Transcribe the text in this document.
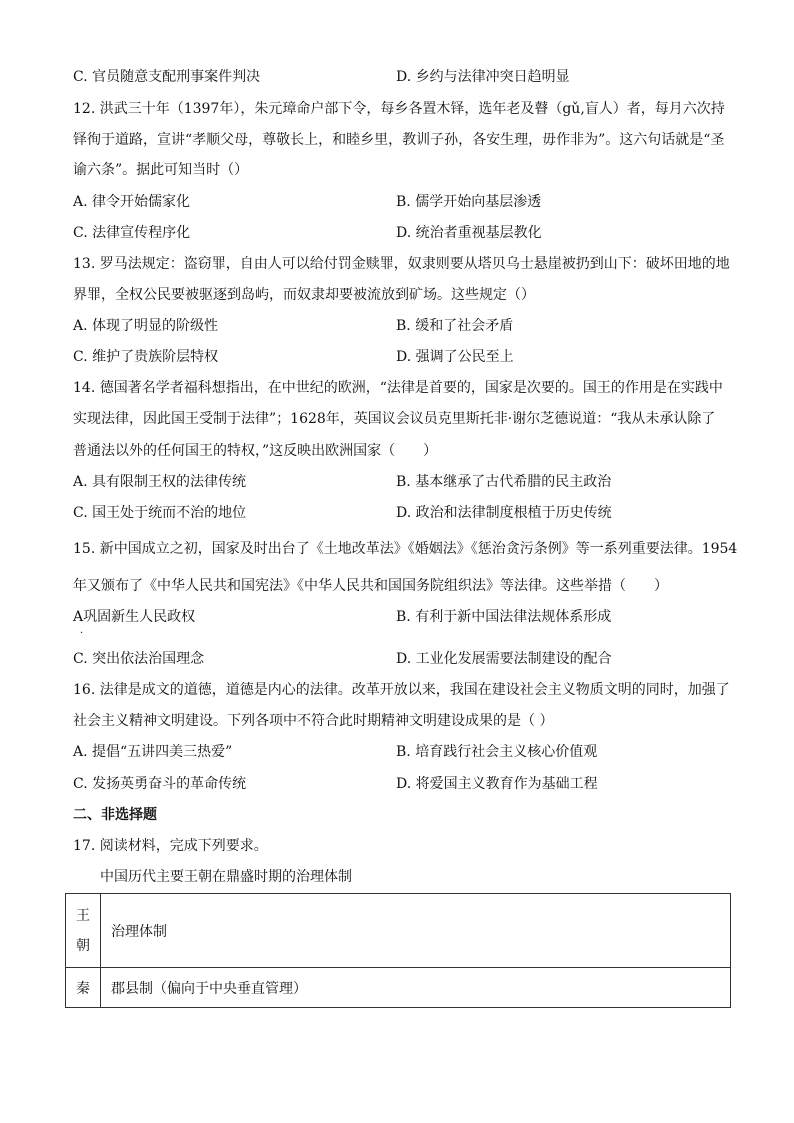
C. 官员随意支配刑事案件判决	D. 乡约与法律冲突日趋明显
12. 洪武三十年（1397年），朱元璋命户部下令，每乡各置木铎，选年老及瞽（gǔ,盲人）者，每月六次持
铎徇于道路，宣讲“孝顺父母，尊敬长上，和睦乡里，教训子孙，各安生理，毋作非为”。这六句话就是“圣
谕六条”。据此可知当时（）
A. 律令开始儒家化	B. 儒学开始向基层渗透
C. 法律宣传程序化	D. 统治者重视基层教化
13. 罗马法规定：盗窃罪，自由人可以给付罚金赎罪，奴隶则要从塔贝乌士悬崖被扔到山下：破坏田地的地
界罪，全权公民要被驱逐到岛屿，而奴隶却要被流放到矿场。这些规定（）
A. 体现了明显的阶级性	B. 缓和了社会矛盾
C. 维护了贵族阶层特权	D. 强调了公民至上
14. 德国著名学者福科想指出，在中世纪的欧洲，“法律是首要的，国家是次要的。国王的作用是在实践中
实现法律，因此国王受制于法律”；1628年，英国议会议员克里斯托非·谢尔芝德说道：“我从未承认除了
普通法以外的任何国王的特权，”这反映出欧洲国家（　　）
A. 具有限制王权的法律传统	B. 基本继承了古代希腊的民主政治
C. 国王处于统而不治的地位	D. 政治和法律制度根植于历史传统
15. 新中国成立之初，国家及时出台了《土地改革法》《婚姻法》《惩治贪污条例》等一系列重要法律。1954
年又颁布了《中华人民共和国宪法》《中华人民共和国国务院组织法》等法律。这些举措（　　）
A巩固新生人民政权	B. 有利于新中国法律法规体系形成
·
C. 突出依法治国理念	D. 工业化发展需要法制建设的配合
16. 法律是成文的道德，道德是内心的法律。改革开放以来，我国在建设社会主义物质文明的同时，加强了
社会主义精神文明建设。下列各项中不符合此时期精神文明建设成果的是（ ）
A. 提倡“五讲四美三热爱”	B. 培育践行社会主义核心价值观
C. 发扬英勇奋斗的革命传统	D. 将爱国主义教育作为基础工程
二、非选择题
17. 阅读材料，完成下列要求。
中国历代主要王朝在鼎盛时期的治理体制
王朝	治理体制
秦	郡县制（偏向于中央垂直管理）
